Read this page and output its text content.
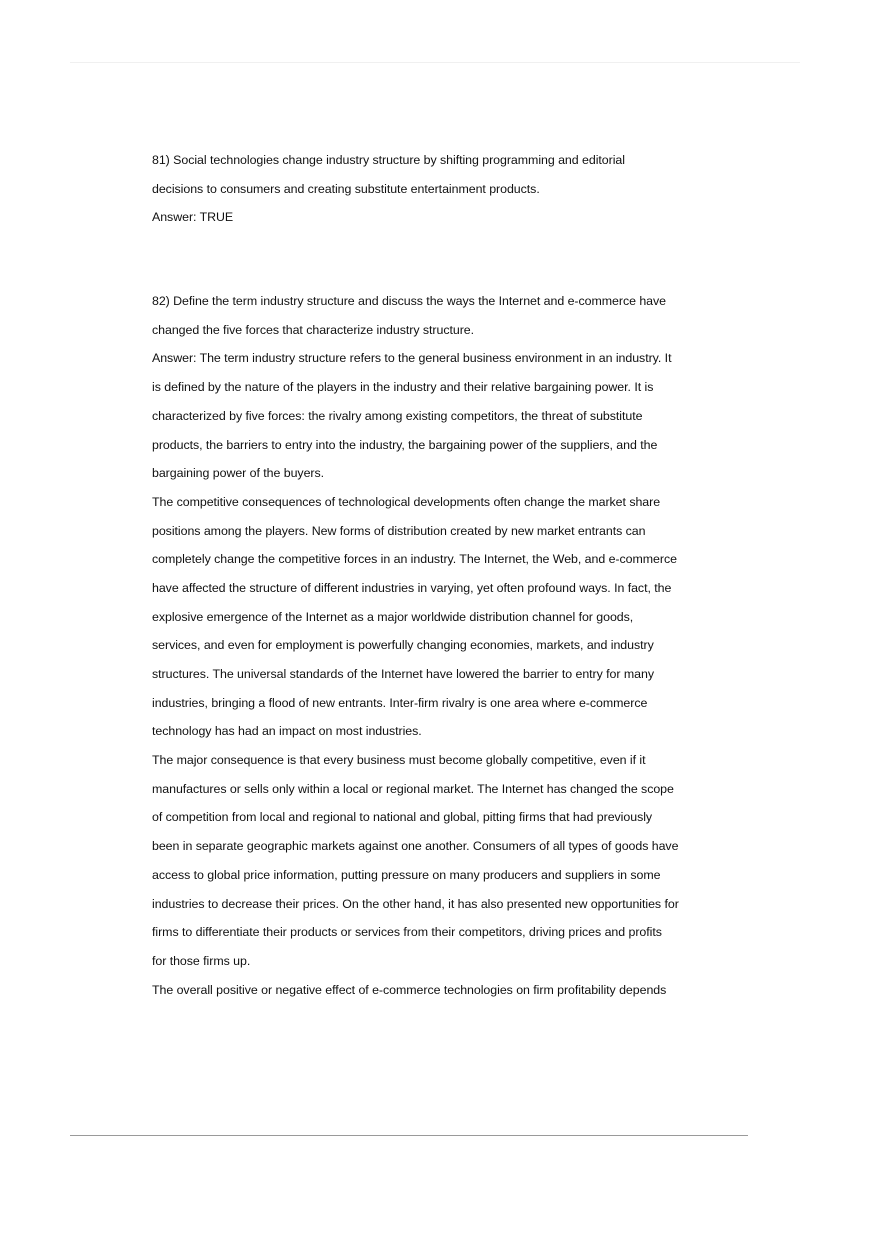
81) Social technologies change industry structure by shifting programming and editorial
decisions to consumers and creating substitute entertainment products.
Answer: TRUE
82) Define the term industry structure and discuss the ways the Internet and e-commerce have
changed the five forces that characterize industry structure.
Answer: The term industry structure refers to the general business environment in an industry. It
is defined by the nature of the players in the industry and their relative bargaining power. It is
characterized by five forces: the rivalry among existing competitors, the threat of substitute
products, the barriers to entry into the industry, the bargaining power of the suppliers, and the
bargaining power of the buyers.
The competitive consequences of technological developments often change the market share
positions among the players. New forms of distribution created by new market entrants can
completely change the competitive forces in an industry. The Internet, the Web, and e-commerce
have affected the structure of different industries in varying, yet often profound ways. In fact, the
explosive emergence of the Internet as a major worldwide distribution channel for goods,
services, and even for employment is powerfully changing economies, markets, and industry
structures. The universal standards of the Internet have lowered the barrier to entry for many
industries, bringing a flood of new entrants. Inter-firm rivalry is one area where e-commerce
technology has had an impact on most industries.
The major consequence is that every business must become globally competitive, even if it
manufactures or sells only within a local or regional market. The Internet has changed the scope
of competition from local and regional to national and global, pitting firms that had previously
been in separate geographic markets against one another. Consumers of all types of goods have
access to global price information, putting pressure on many producers and suppliers in some
industries to decrease their prices. On the other hand, it has also presented new opportunities for
firms to differentiate their products or services from their competitors, driving prices and profits
for those firms up.
The overall positive or negative effect of e-commerce technologies on firm profitability depends
